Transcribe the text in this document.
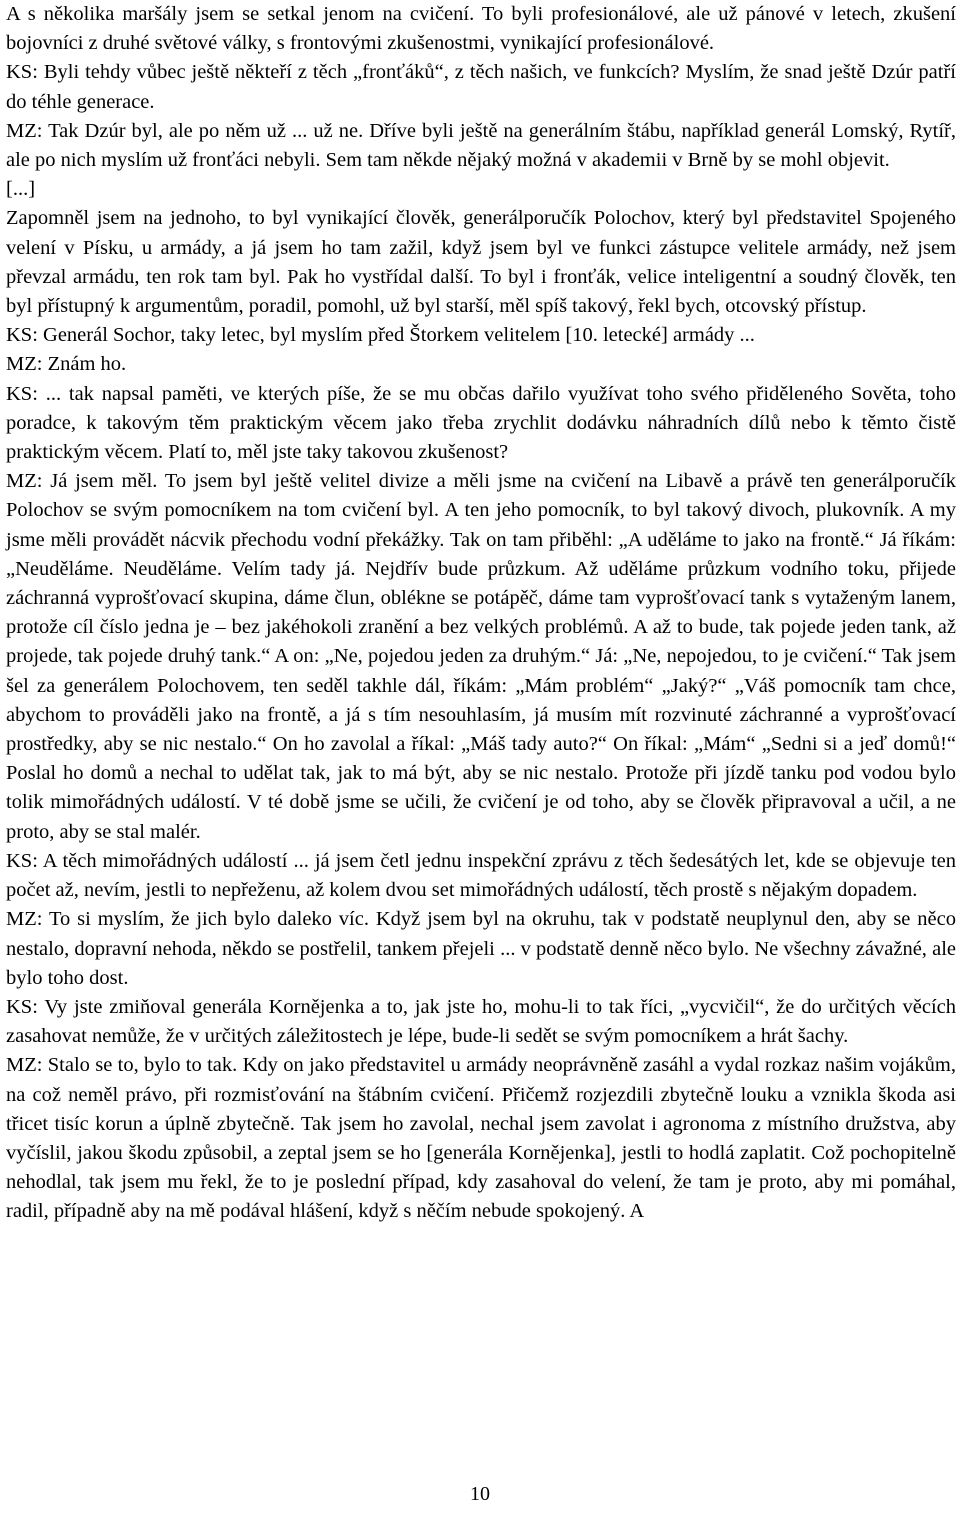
A s několika maršály jsem se setkal jenom na cvičení. To byli profesionálové, ale už pánové v letech, zkušení bojovníci z druhé světové války, s frontovými zkušenostmi, vynikající profesionálové.

KS: Byli tehdy vůbec ještě někteří z těch „fronťáků“, z těch našich, ve funkcích? Myslím, že snad ještě Dzúr patří do téhle generace.

MZ: Tak Dzúr byl, ale po něm už ... už ne. Dříve byli ještě na generálním štábu, například generál Lomský, Rytíř, ale po nich myslím už fronťáci nebyli. Sem tam někde nějaký možná v akademii v Brně by se mohl objevit.

[...]

Zapomněl jsem na jednoho, to byl vynikající člověk, generálporučík Polochov, který byl představitel Spojeného velení v Písku, u armády, a já jsem ho tam zažil, když jsem byl ve funkci zástupce velitele armády, než jsem převzal armádu, ten rok tam byl. Pak ho vystřídal další. To byl i fronťák, velice inteligentní a soudný člověk, ten byl přístupný k argumentům, poradil, pomohl, už byl starší, měl spíš takový, řekl bych, otcovský přístup.

KS: Generál Sochor, taky letec, byl myslím před Štorkem velitelem [10. letecké] armády ...

MZ: Znám ho.

KS: ... tak napsal paměti, ve kterých píše, že se mu občas dařilo využívat toho svého přiděleného Sověta, toho poradce, k takovým těm praktickým věcem jako třeba zrychlit dodávku náhradních dílů nebo k těmto čistě praktickým věcem. Platí to, měl jste taky takovou zkušenost?

MZ: Já jsem měl. To jsem byl ještě velitel divize a měli jsme na cvičení na Libavě a právě ten generálporučík Polochov se svým pomocníkem na tom cvičení byl. A ten jeho pomocník, to byl takový divoch, plukovník. A my jsme měli provádět nácvik přechodu vodní překážky. Tak on tam přiběhl: „A uděláme to jako na frontě.“ Já říkám: „Neuděláme. Neuděláme. Velím tady já. Nejdřív bude průzkum. Až uděláme průzkum vodního toku, přijede záchranná vyprošťovací skupina, dáme člun, oblékne se potápěč, dáme tam vyprošťovací tank s vytaženým lanem, protože cíl číslo jedna je – bez jakéhokoli zranění a bez velkých problémů. A až to bude, tak pojede jeden tank, až projede, tak pojede druhý tank.“ A on: „Ne, pojedou jeden za druhým.“ Já: „Ne, nepojedou, to je cvičení.“ Tak jsem šel za generálem Polochovem, ten seděl takhle dál, říkám: „Mám problém“ „Jaký?“ „Váš pomocník tam chce, abychom to prováděli jako na frontě, a já s tím nesouhlasím, já musím mít rozvinuté záchranné a vyprošťovací prostředky, aby se nic nestalo.“ On ho zavolal a říkal: „Máš tady auto?“ On říkal: „Mám“ „Sedni si a jeď domů!“ Poslal ho domů a nechal to udělat tak, jak to má být, aby se nic nestalo. Protože při jízdě tanku pod vodou bylo tolik mimořádných událostí. V té době jsme se učili, že cvičení je od toho, aby se člověk připravoval a učil, a ne proto, aby se stal malér.

KS: A těch mimořádných událostí ... já jsem četl jednu inspekční zprávu z těch šedesátých let, kde se objevuje ten počet až, nevím, jestli to nepřeženu, až kolem dvou set mimořádných událostí, těch prostě s nějakým dopadem.

MZ: To si myslím, že jich bylo daleko víc. Když jsem byl na okruhu, tak v podstatě neuplynul den, aby se něco nestalo, dopravní nehoda, někdo se postřelil, tankem přejeli ... v podstatě denně něco bylo. Ne všechny závažné, ale bylo toho dost.

KS: Vy jste zmiňoval generála Kornějenka a to, jak jste ho, mohu-li to tak říci, „vycvičil“, že do určitých věcích zasahovat nemůže, že v určitých záležitostech je lépe, bude-li sedět se svým pomocníkem a hrát šachy.

MZ: Stalo se to, bylo to tak. Kdy on jako představitel u armády neoprávněně zasáhl a vydal rozkaz našim vojákům, na což neměl právo, při rozmisťování na štábním cvičení. Přičemž rozjezdili zbytečně louku a vznikla škoda asi třicet tisíc korun a úplně zbytečně. Tak jsem ho zavolal, nechal jsem zavolat i agronoma z místního družstva, aby vyčíslil, jakou škodu způsobil, a zeptal jsem se ho [generála Kornějenka], jestli to hodlá zaplatit. Což pochopitelně nehodlal, tak jsem mu řekl, že to je poslední případ, kdy zasahoval do velení, že tam je proto, aby mi pomáhal, radil, případně aby na mě podával hlášení, když s něčím nebude spokojený. A

10
